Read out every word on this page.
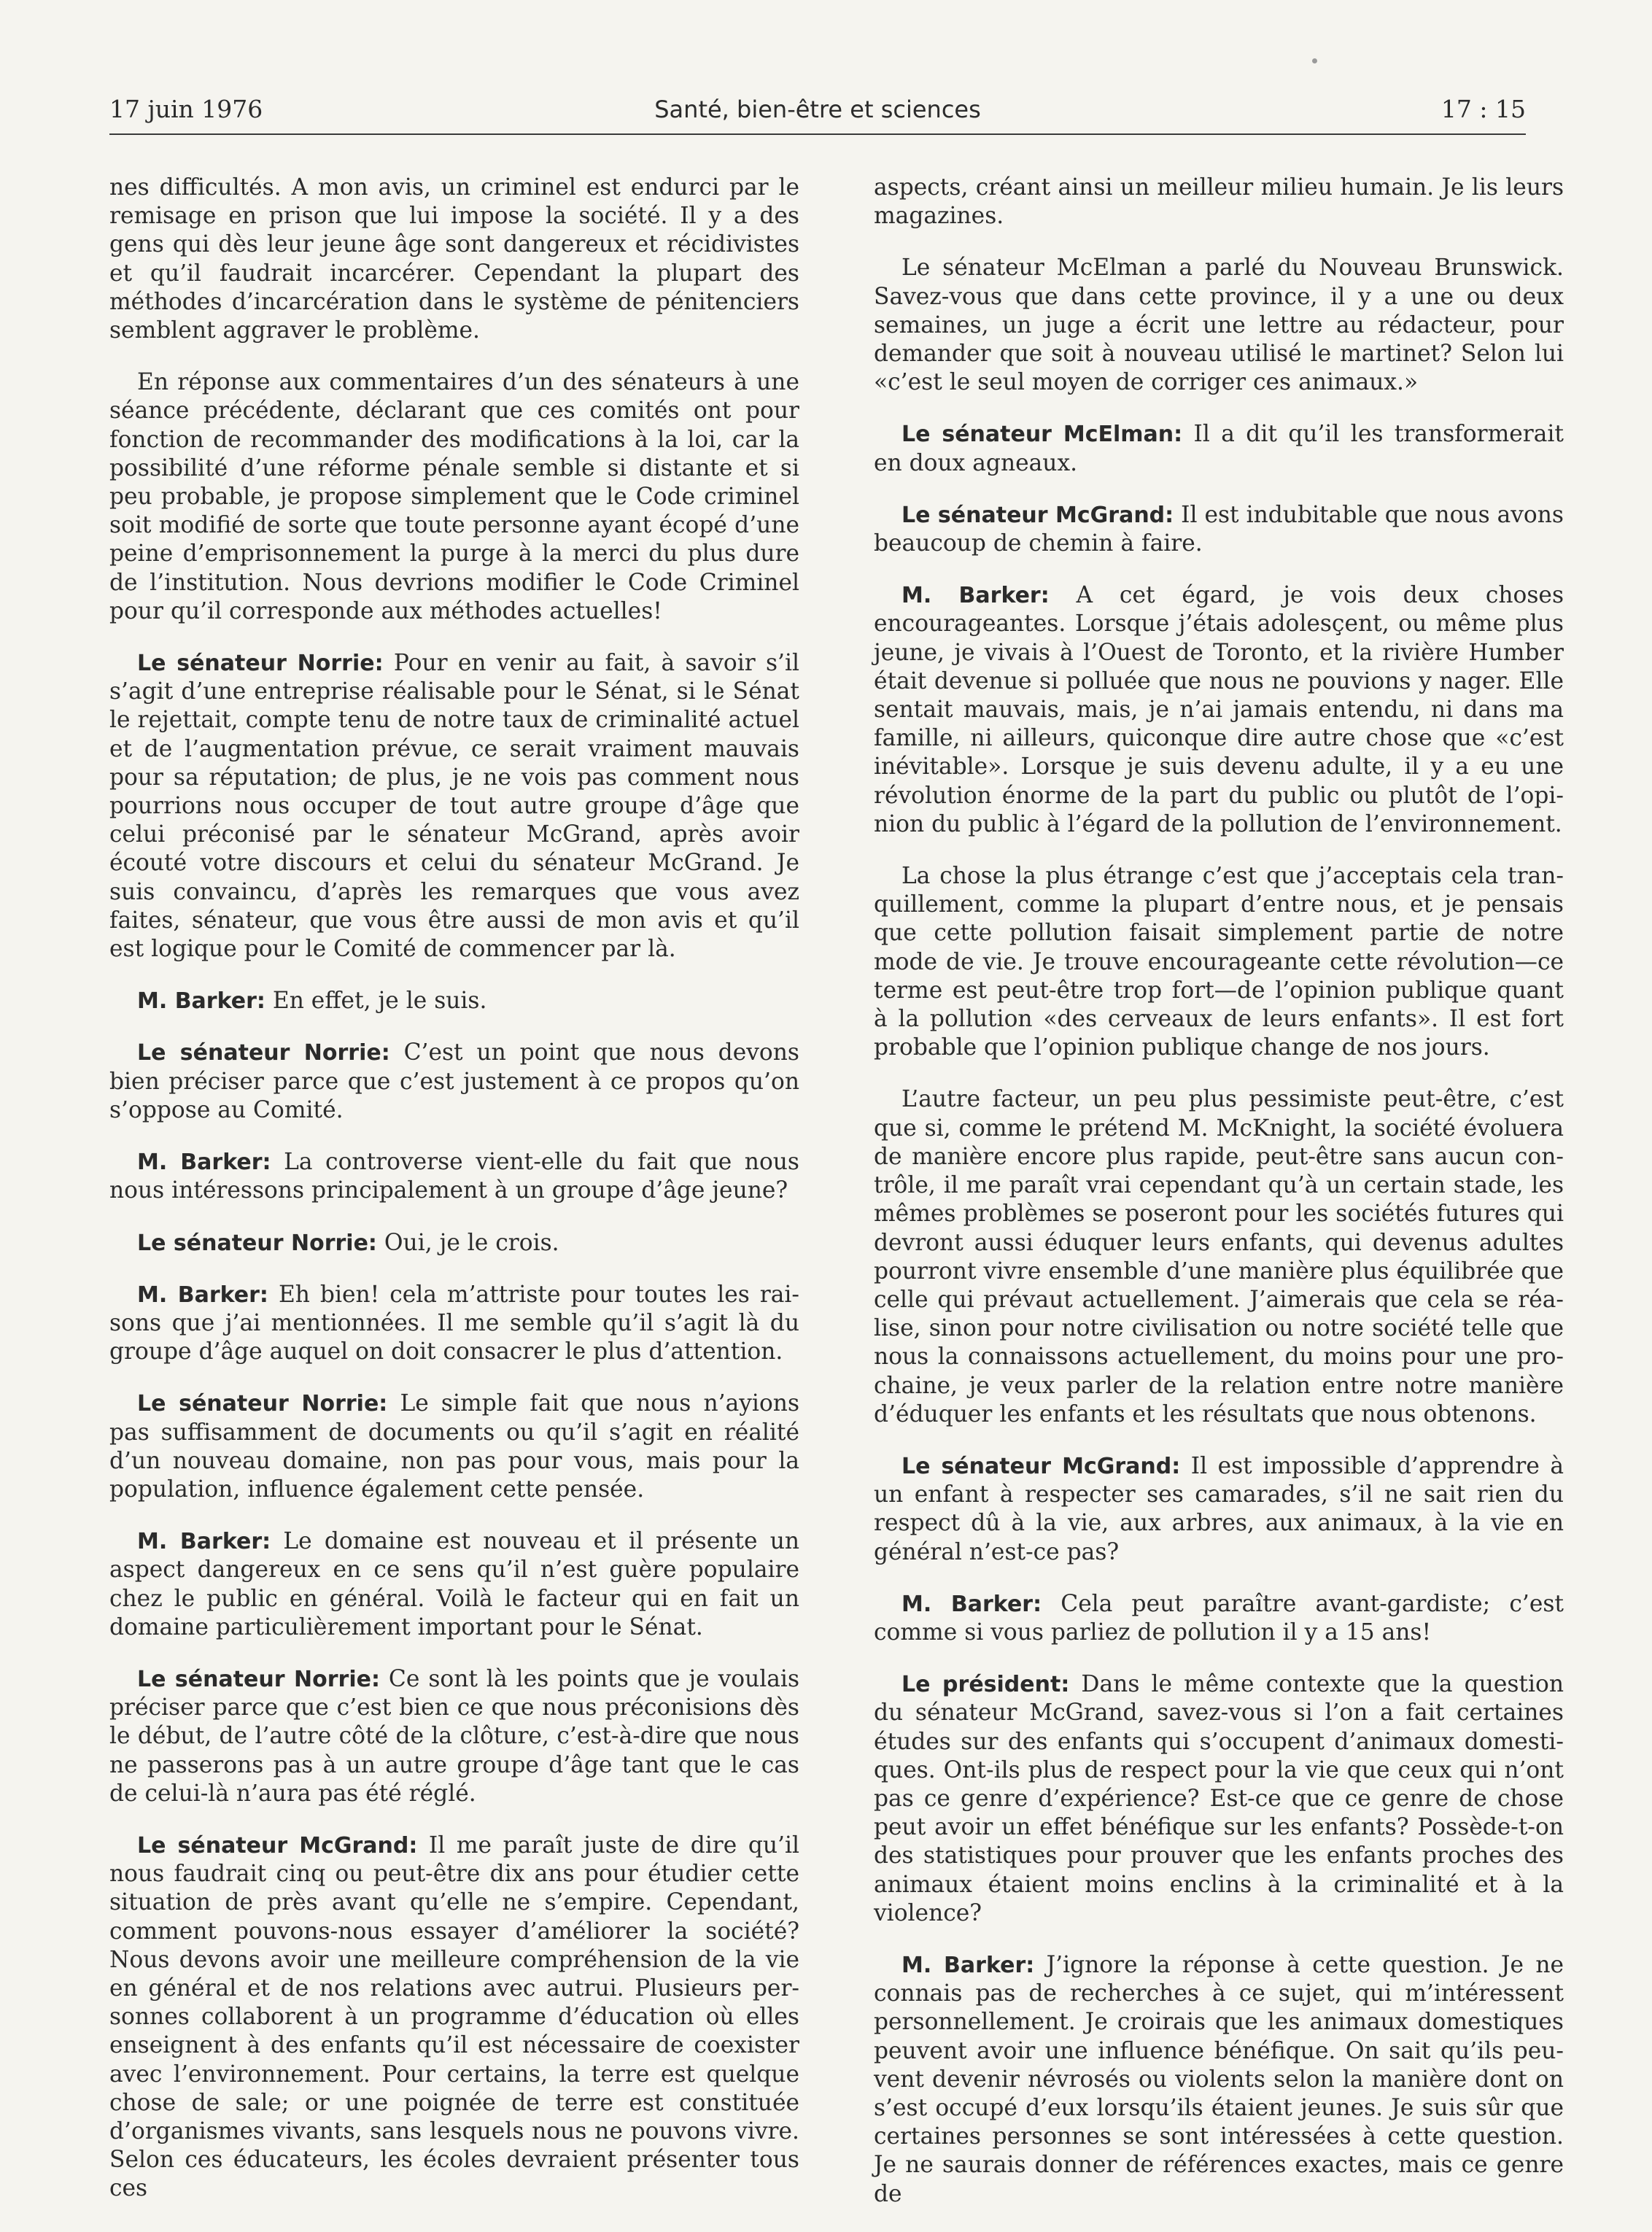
17 juin 1976	Santé, bien-être et sciences	17 : 15

nes difficultés. A mon avis, un criminel est endurci par le remisage en prison que lui impose la société. Il y a des gens qui dès leur jeune âge sont dangereux et récidivistes et qu’il faudrait incarcérer. Cependant la plupart des méthodes d’incarcération dans le système de pénitenciers semblent aggraver le problème.

En réponse aux commentaires d’un des sénateurs à une séance précédente, déclarant que ces comités ont pour fonction de recommander des modifications à la loi, car la possibilité d’une réforme pénale semble si distante et si peu probable, je propose simplement que le Code criminel soit modifié de sorte que toute personne ayant écopé d’une peine d’emprisonnement la purge à la merci du plus dure de l’institution. Nous devrions modifier le Code Criminel pour qu’il corresponde aux méthodes actuelles!

Le sénateur Norrie: Pour en venir au fait, à savoir s’il s’agit d’une entreprise réalisable pour le Sénat, si le Sénat le rejettait, compte tenu de notre taux de criminalité actuel et de l’augmentation prévue, ce serait vraiment mauvais pour sa réputation; de plus, je ne vois pas comment nous pourrions nous occuper de tout autre groupe d’âge que celui préconisé par le sénateur McGrand, après avoir écouté votre discours et celui du sénateur McGrand. Je suis convaincu, d’après les remarques que vous avez faites, sénateur, que vous être aussi de mon avis et qu’il est logique pour le Comité de commencer par là.

M. Barker: En effet, je le suis.

Le sénateur Norrie: C’est un point que nous devons bien préciser parce que c’est justement à ce propos qu’on s’oppose au Comité.

M. Barker: La controverse vient-elle du fait que nous nous intéressons principalement à un groupe d’âge jeune?

Le sénateur Norrie: Oui, je le crois.

M. Barker: Eh bien! cela m’attriste pour toutes les raisons que j’ai mentionnées. Il me semble qu’il s’agit là du groupe d’âge auquel on doit consacrer le plus d’attention.

Le sénateur Norrie: Le simple fait que nous n’ayions pas suffisamment de documents ou qu’il s’agit en réalité d’un nouveau domaine, non pas pour vous, mais pour la population, influence également cette pensée.

M. Barker: Le domaine est nouveau et il présente un aspect dangereux en ce sens qu’il n’est guère populaire chez le public en général. Voilà le facteur qui en fait un domaine particulièrement important pour le Sénat.

Le sénateur Norrie: Ce sont là les points que je voulais préciser parce que c’est bien ce que nous préconisions dès le début, de l’autre côté de la clôture, c’est-à-dire que nous ne passerons pas à un autre groupe d’âge tant que le cas de celui-là n’aura pas été réglé.

Le sénateur McGrand: Il me paraît juste de dire qu’il nous faudrait cinq ou peut-être dix ans pour étudier cette situation de près avant qu’elle ne s’empire. Cependant, comment pouvons-nous essayer d’améliorer la société? Nous devons avoir une meilleure compréhension de la vie en général et de nos relations avec autrui. Plusieurs personnes collaborent à un programme d’éducation où elles enseignent à des enfants qu’il est nécessaire de coexister avec l’environnement. Pour certains, la terre est quelque chose de sale; or une poignée de terre est constituée d’organismes vivants, sans lesquels nous ne pouvons vivre. Selon ces éducateurs, les écoles devraient présenter tous ces

aspects, créant ainsi un meilleur milieu humain. Je lis leurs magazines.

Le sénateur McElman a parlé du Nouveau Brunswick. Savez-vous que dans cette province, il y a une ou deux semaines, un juge a écrit une lettre au rédacteur, pour demander que soit à nouveau utilisé le martinet? Selon lui «c’est le seul moyen de corriger ces animaux.»

Le sénateur McElman: Il a dit qu’il les transformerait en doux agneaux.

Le sénateur McGrand: Il est indubitable que nous avons beaucoup de chemin à faire.

M. Barker: A cet égard, je vois deux choses encourageantes. Lorsque j’étais adolesçent, ou même plus jeune, je vivais à l’Ouest de Toronto, et la rivière Humber était devenue si polluée que nous ne pouvions y nager. Elle sentait mauvais, mais, je n’ai jamais entendu, ni dans ma famille, ni ailleurs, quiconque dire autre chose que «c’est inévitable». Lorsque je suis devenu adulte, il y a eu une révolution énorme de la part du public ou plutôt de l’opinion du public à l’égard de la pollution de l’environnement.

La chose la plus étrange c’est que j’acceptais cela tranquillement, comme la plupart d’entre nous, et je pensais que cette pollution faisait simplement partie de notre mode de vie. Je trouve encourageante cette révolution—ce terme est peut-être trop fort—de l’opinion publique quant à la pollution «des cerveaux de leurs enfants». Il est fort probable que l’opinion publique change de nos jours.

L’autre facteur, un peu plus pessimiste peut-être, c’est que si, comme le prétend M. McKnight, la société évoluera de manière encore plus rapide, peut-être sans aucun contrôle, il me paraît vrai cependant qu’à un certain stade, les mêmes problèmes se poseront pour les sociétés futures qui devront aussi éduquer leurs enfants, qui devenus adultes pourront vivre ensemble d’une manière plus équilibrée que celle qui prévaut actuellement. J’aimerais que cela se réalise, sinon pour notre civilisation ou notre société telle que nous la connaissons actuellement, du moins pour une prochaine, je veux parler de la relation entre notre manière d’éduquer les enfants et les résultats que nous obtenons.

Le sénateur McGrand: Il est impossible d’apprendre à un enfant à respecter ses camarades, s’il ne sait rien du respect dû à la vie, aux arbres, aux animaux, à la vie en général n’est-ce pas?

M. Barker: Cela peut paraître avant-gardiste; c’est comme si vous parliez de pollution il y a 15 ans!

Le président: Dans le même contexte que la question du sénateur McGrand, savez-vous si l’on a fait certaines études sur des enfants qui s’occupent d’animaux domestiques. Ont-ils plus de respect pour la vie que ceux qui n’ont pas ce genre d’expérience? Est-ce que ce genre de chose peut avoir un effet bénéfique sur les enfants? Possède-t-on des statistiques pour prouver que les enfants proches des animaux étaient moins enclins à la criminalité et à la violence?

M. Barker: J’ignore la réponse à cette question. Je ne connais pas de recherches à ce sujet, qui m’intéressent personnellement. Je croirais que les animaux domestiques peuvent avoir une influence bénéfique. On sait qu’ils peuvent devenir névrosés ou violents selon la manière dont on s’est occupé d’eux lorsqu’ils étaient jeunes. Je suis sûr que certaines personnes se sont intéressées à cette question. Je ne saurais donner de références exactes, mais ce genre de
